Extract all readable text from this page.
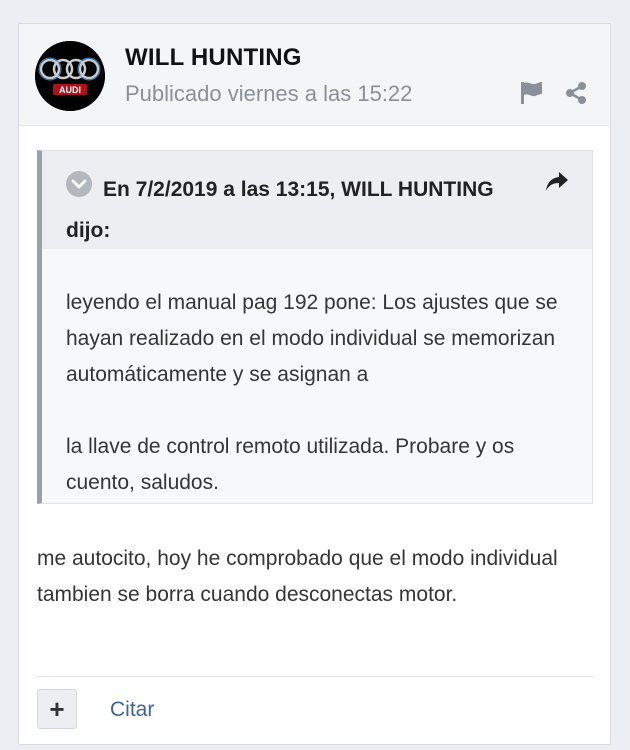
AUDI
WILL HUNTING
Publicado viernes a las 15:22
En 7/2/2019 a las 13:15, WILL HUNTING dijo:

leyendo el manual pag 192 pone: Los ajustes que se hayan realizado en el modo individual se memorizan automáticamente y se asignan a

la llave de control remoto utilizada. Probare y os cuento, saludos.

me autocito, hoy he comprobado que el modo individual tambien se borra cuando desconectas motor.
+	Citar
